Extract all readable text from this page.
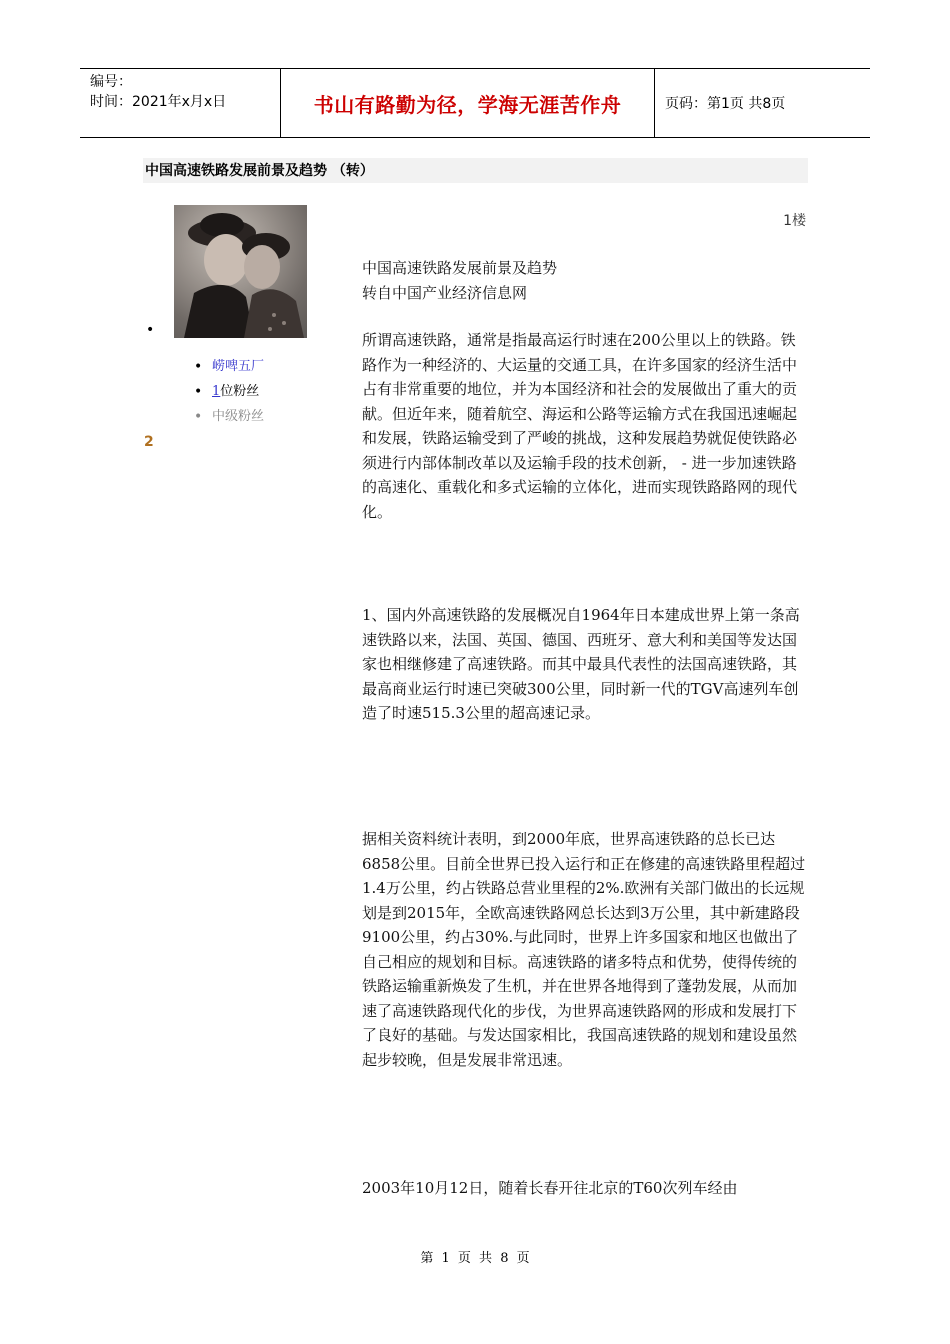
编号：
时间：2021年x月x日	书山有路勤为径，学海无涯苦作舟	页码：第1页 共8页
中国高速铁路发展前景及趋势 （转）
1楼
•
• 崂啤五厂
• 1位粉丝
• 中级粉丝
2

中国高速铁路发展前景及趋势

转自中国产业经济信息网

所谓高速铁路，通常是指最高运行时速在200公里以上的铁路。铁路作为一种经济的、大运量的交通工具，在许多国家的经济生活中占有非常重要的地位，并为本国经济和社会的发展做出了重大的贡献。但近年来，随着航空、海运和公路等运输方式在我国迅速崛起和发展，铁路运输受到了严峻的挑战，这种发展趋势就促使铁路必须进行内部体制改革以及运输手段的技术创新， - 进一步加速铁路的高速化、重载化和多式运输的立体化，进而实现铁路路网的现代化。

1、国内外高速铁路的发展概况自1964年日本建成世界上第一条高速铁路以来，法国、英国、德国、西班牙、意大利和美国等发达国家也相继修建了高速铁路。而其中最具代表性的法国高速铁路，其最高商业运行时速已突破300公里，同时新一代的TGV高速列车创造了时速515.3公里的超高速记录。

据相关资料统计表明，到2000年底，世界高速铁路的总长已达6858公里。目前全世界已投入运行和正在修建的高速铁路里程超过1.4万公里，约占铁路总营业里程的2%.欧洲有关部门做出的长远规划是到2015年，全欧高速铁路网总长达到3万公里，其中新建路段9100公里，约占30%.与此同时，世界上许多国家和地区也做出了自己相应的规划和目标。高速铁路的诸多特点和优势，使得传统的铁路运输重新焕发了生机，并在世界各地得到了蓬勃发展，从而加速了高速铁路现代化的步伐，为世界高速铁路网的形成和发展打下了良好的基础。与发达国家相比，我国高速铁路的规划和建设虽然起步较晚，但是发展非常迅速。

2003年10月12日，随着长春开往北京的T60次列车经由

第 1 页 共 8 页
